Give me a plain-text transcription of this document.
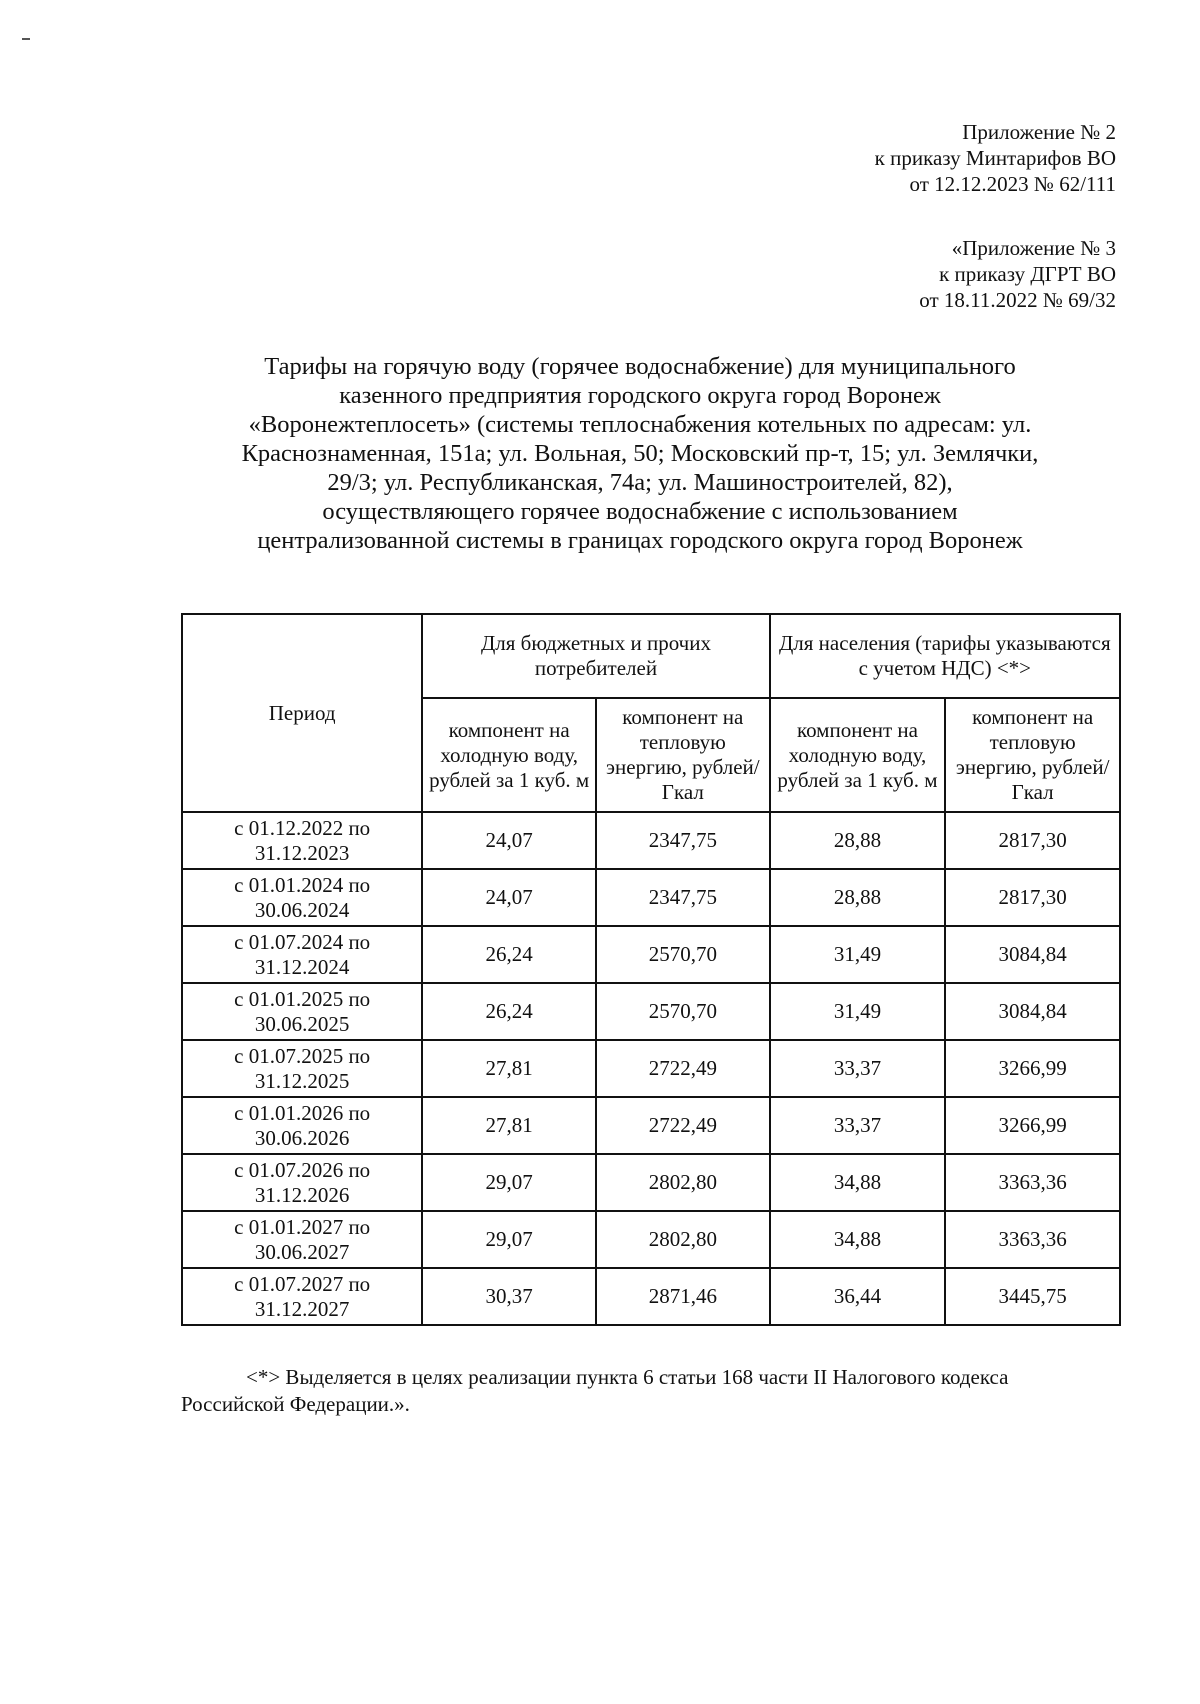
Приложение № 2
к приказу Минтарифов ВО
от 12.12.2023 № 62/111
«Приложение № 3
к приказу ДГРТ ВО
от 18.11.2022 № 69/32
Тарифы на горячую воду (горячее водоснабжение) для муниципального
казенного предприятия городского округа город Воронеж
«Воронежтеплосеть» (системы теплоснабжения котельных по адресам: ул.
Краснознаменная, 151а; ул. Вольная, 50; Московский пр-т, 15; ул. Землячки,
29/3; ул. Республиканская, 74а; ул. Машиностроителей, 82),
осуществляющего горячее водоснабжение с использованием
централизованной системы в границах городского округа город Воронеж
Период	Для бюджетных и прочих потребителей		Для населения (тарифы указываются с учетом НДС) <*>	
	компонент на холодную воду, рублей за 1 куб. м	компонент на тепловую энергию, рублей/Гкал	компонент на холодную воду, рублей за 1 куб. м	компонент на тепловую энергию, рублей/Гкал
с 01.12.2022 по 31.12.2023	24,07	2347,75	28,88	2817,30
с 01.01.2024 по 30.06.2024	24,07	2347,75	28,88	2817,30
с 01.07.2024 по 31.12.2024	26,24	2570,70	31,49	3084,84
с 01.01.2025 по 30.06.2025	26,24	2570,70	31,49	3084,84
с 01.07.2025 по 31.12.2025	27,81	2722,49	33,37	3266,99
с 01.01.2026 по 30.06.2026	27,81	2722,49	33,37	3266,99
с 01.07.2026 по 31.12.2026	29,07	2802,80	34,88	3363,36
с 01.01.2027 по 30.06.2027	29,07	2802,80	34,88	3363,36
с 01.07.2027 по 31.12.2027	30,37	2871,46	36,44	3445,75
<*> Выделяется в целях реализации пункта 6 статьи 168 части II Налогового кодекса
Российской Федерации.».
